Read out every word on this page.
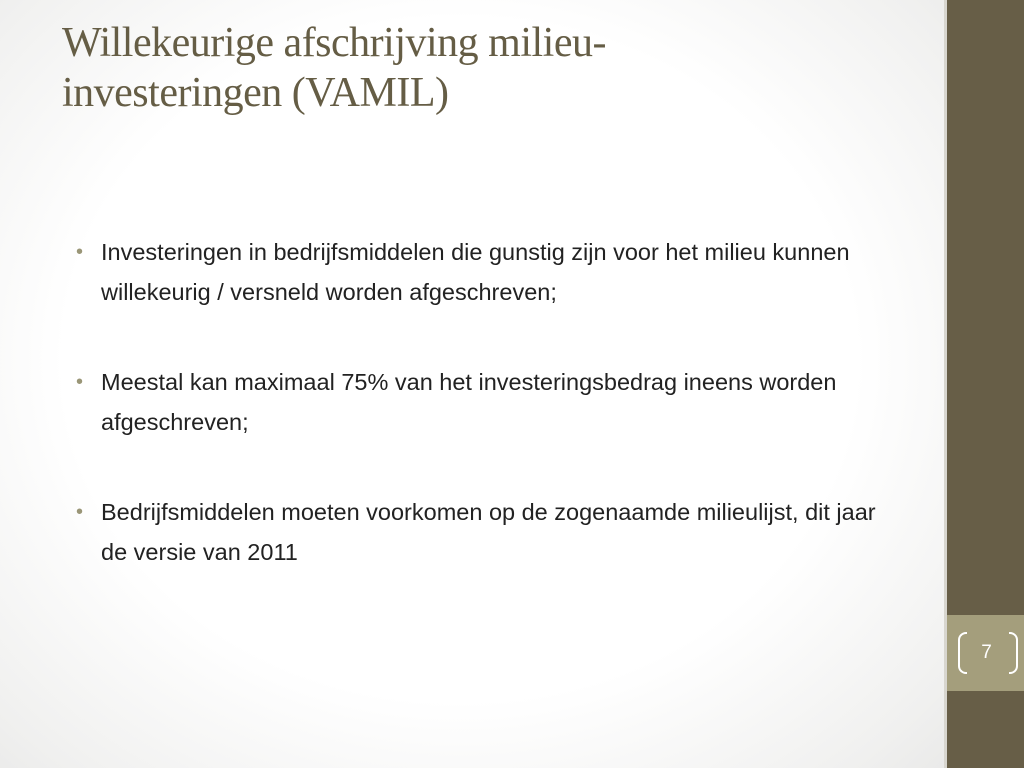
Willekeurige afschrijving milieu-
investeringen (VAMIL)
• Investeringen in bedrijfsmiddelen die gunstig zijn voor het milieu kunnen willekeurig / versneld worden afgeschreven;
• Meestal kan maximaal 75% van het investeringsbedrag ineens worden afgeschreven;
• Bedrijfsmiddelen moeten voorkomen op de zogenaamde milieulijst, dit jaar de versie van 2011
7
